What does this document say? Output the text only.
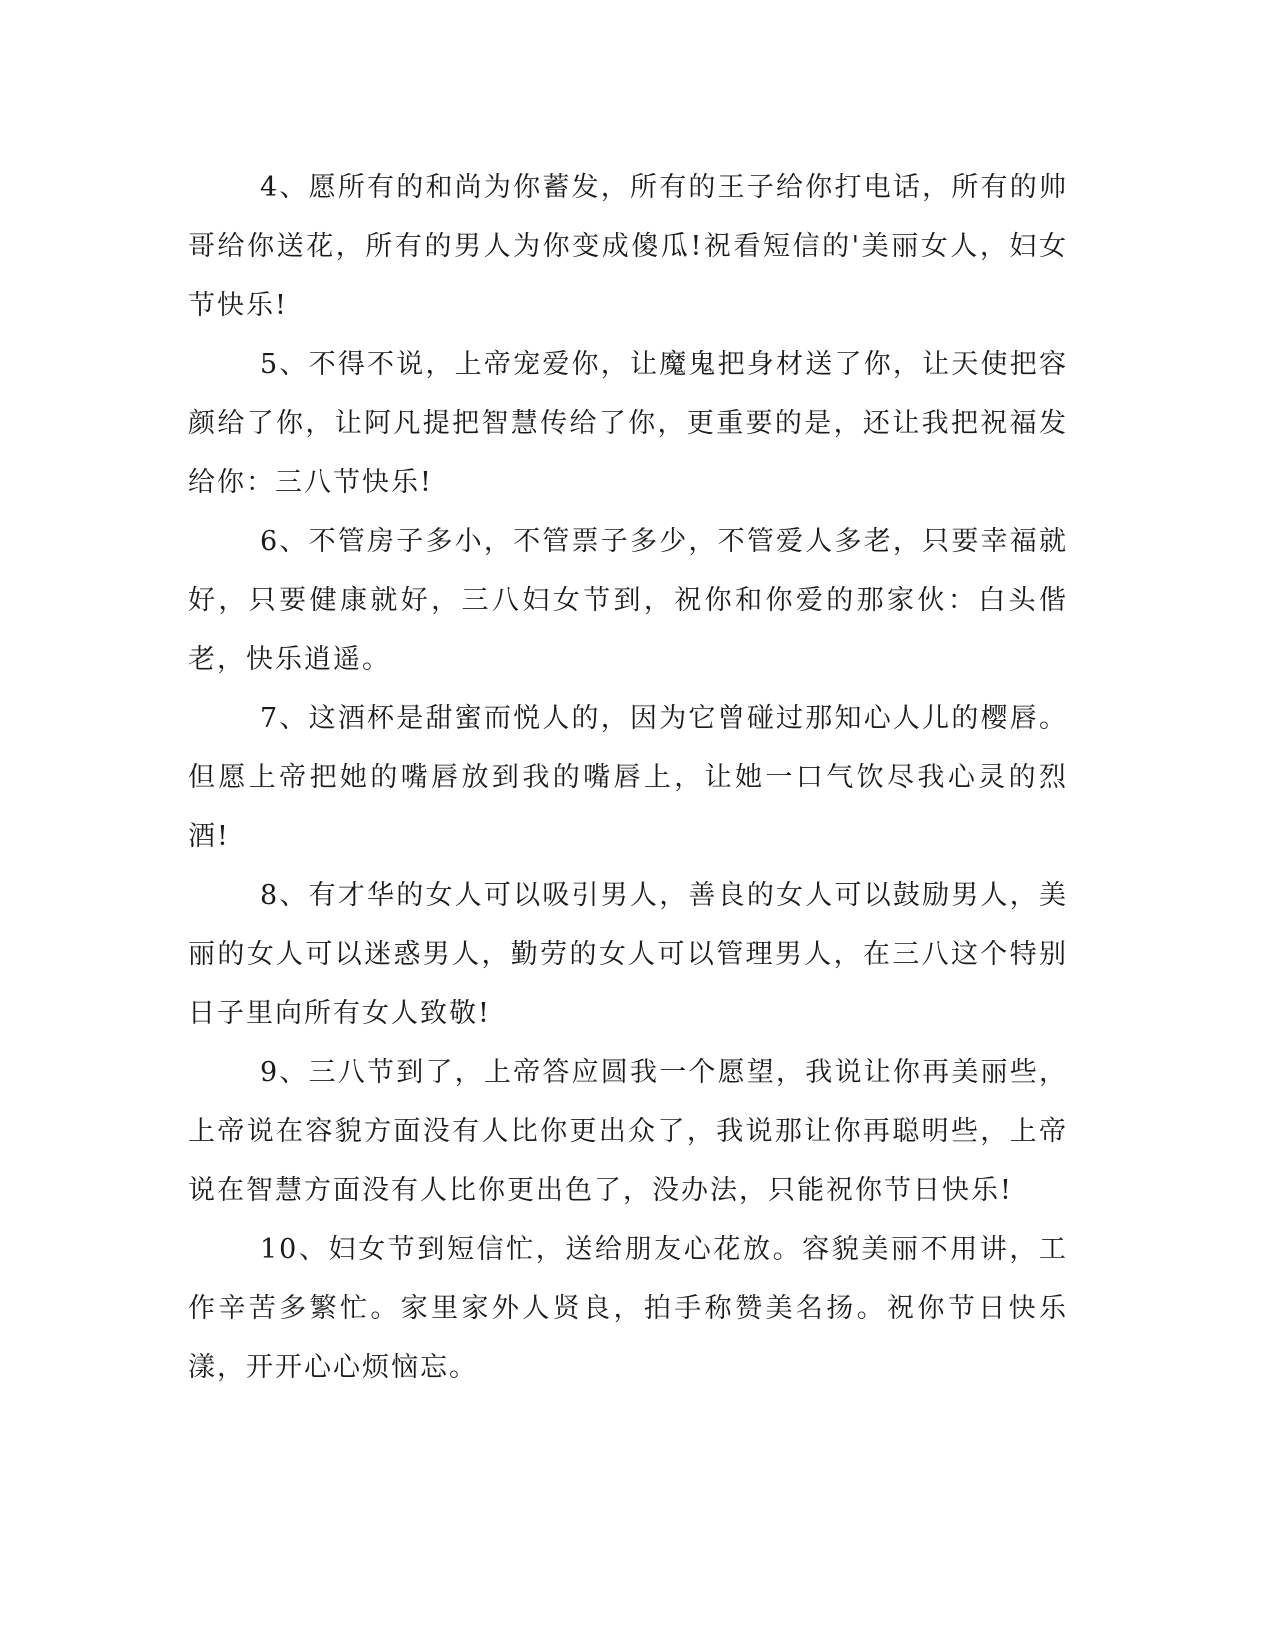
4、愿所有的和尚为你蓄发，所有的王子给你打电话，所有的帅哥给你送花，所有的男人为你变成傻瓜!祝看短信的'美丽女人，妇女节快乐!

5、不得不说，上帝宠爱你，让魔鬼把身材送了你，让天使把容颜给了你，让阿凡提把智慧传给了你，更重要的是，还让我把祝福发给你：三八节快乐!

6、不管房子多小，不管票子多少，不管爱人多老，只要幸福就好，只要健康就好，三八妇女节到，祝你和你爱的那家伙：白头偕老，快乐逍遥。

7、这酒杯是甜蜜而悦人的，因为它曾碰过那知心人儿的樱唇。但愿上帝把她的嘴唇放到我的嘴唇上，让她一口气饮尽我心灵的烈酒!

8、有才华的女人可以吸引男人，善良的女人可以鼓励男人，美丽的女人可以迷惑男人，勤劳的女人可以管理男人，在三八这个特别日子里向所有女人致敬!

9、三八节到了，上帝答应圆我一个愿望，我说让你再美丽些，上帝说在容貌方面没有人比你更出众了，我说那让你再聪明些，上帝说在智慧方面没有人比你更出色了，没办法，只能祝你节日快乐!

10、妇女节到短信忙，送给朋友心花放。容貌美丽不用讲，工作辛苦多繁忙。家里家外人贤良，拍手称赞美名扬。祝你节日快乐漾，开开心心烦恼忘。
